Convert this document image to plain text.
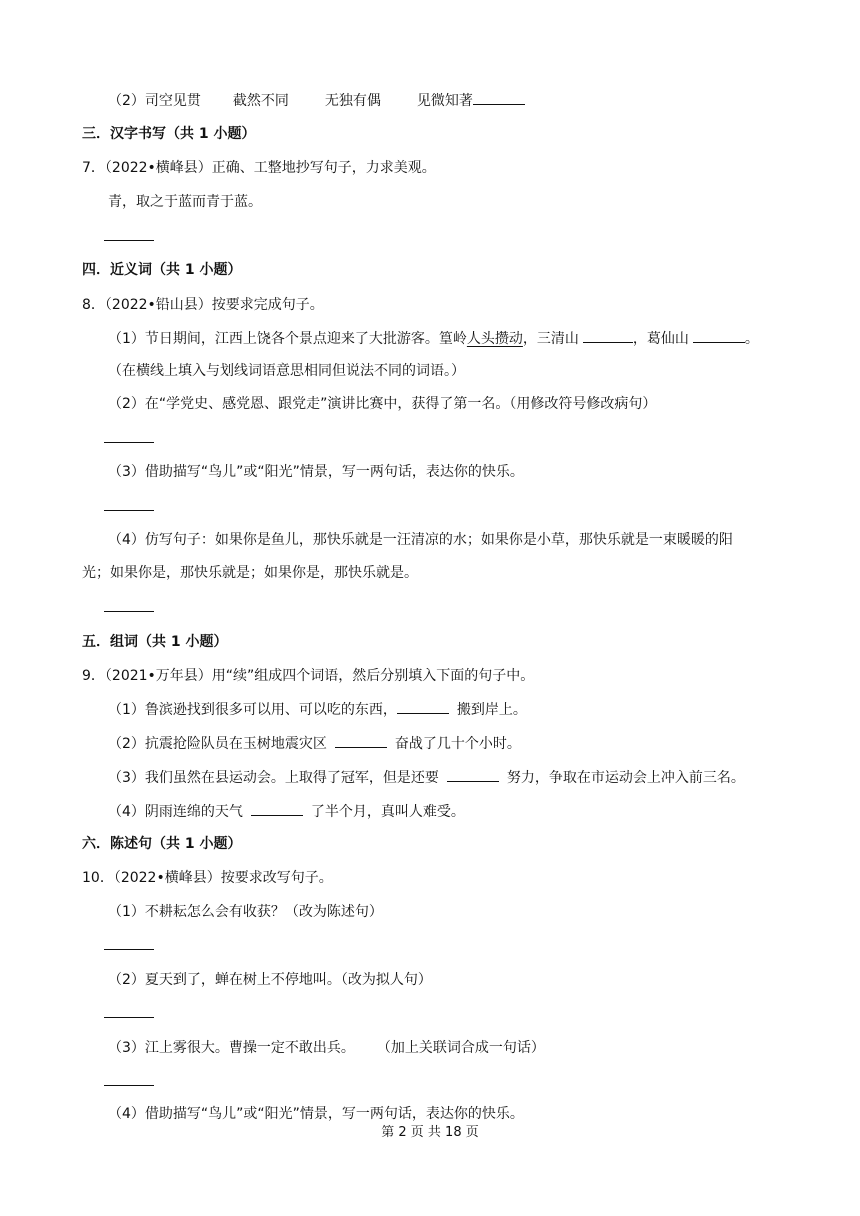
（2）司空见贯 截然不同	无独有偶	见微知著
三．汉字书写（共 1 小题）
7．（2022•横峰县）正确、工整地抄写句子，力求美观。
青，取之于蓝而青于蓝。
四．近义词（共 1 小题）
8．（2022•铅山县）按要求完成句子。
（1）节日期间，江西上饶各个景点迎来了大批游客。篁岭人头攒动，三清山	，葛仙山	。
（在横线上填入与划线词语意思相同但说法不同的词语。）
（2）在“学党史、感党恩、跟党走”演讲比赛中，获得了第一名。（用修改符号修改病句）
（3）借助描写“鸟儿”或“阳光”情景，写一两句话，表达你的快乐。
（4）仿写句子：如果你是鱼儿，那快乐就是一汪清凉的水；如果你是小草，那快乐就是一束暖暖的阳
光；如果你是，那快乐就是；如果你是，那快乐就是。
五．组词（共 1 小题）
9．（2021•万年县）用“续”组成四个词语，然后分别填入下面的句子中。
（1）鲁滨逊找到很多可以用、可以吃的东西，	搬到岸上。
（2）抗震抢险队员在玉树地震灾区	奋战了几十个小时。
（3）我们虽然在县运动会。上取得了冠军，但是还要	努力，争取在市运动会上冲入前三名。
（4）阴雨连绵的天气	了半个月，真叫人难受。
六．陈述句（共 1 小题）
10．（2022•横峰县）按要求改写句子。
（1）不耕耘怎么会有收获？（改为陈述句）
（2）夏天到了，蝉在树上不停地叫。（改为拟人句）
（3）江上雾很大。曹操一定不敢出兵。 （加上关联词合成一句话）
（4）借助描写“鸟儿”或“阳光”情景，写一两句话，表达你的快乐。
第 2 页 共 18 页
